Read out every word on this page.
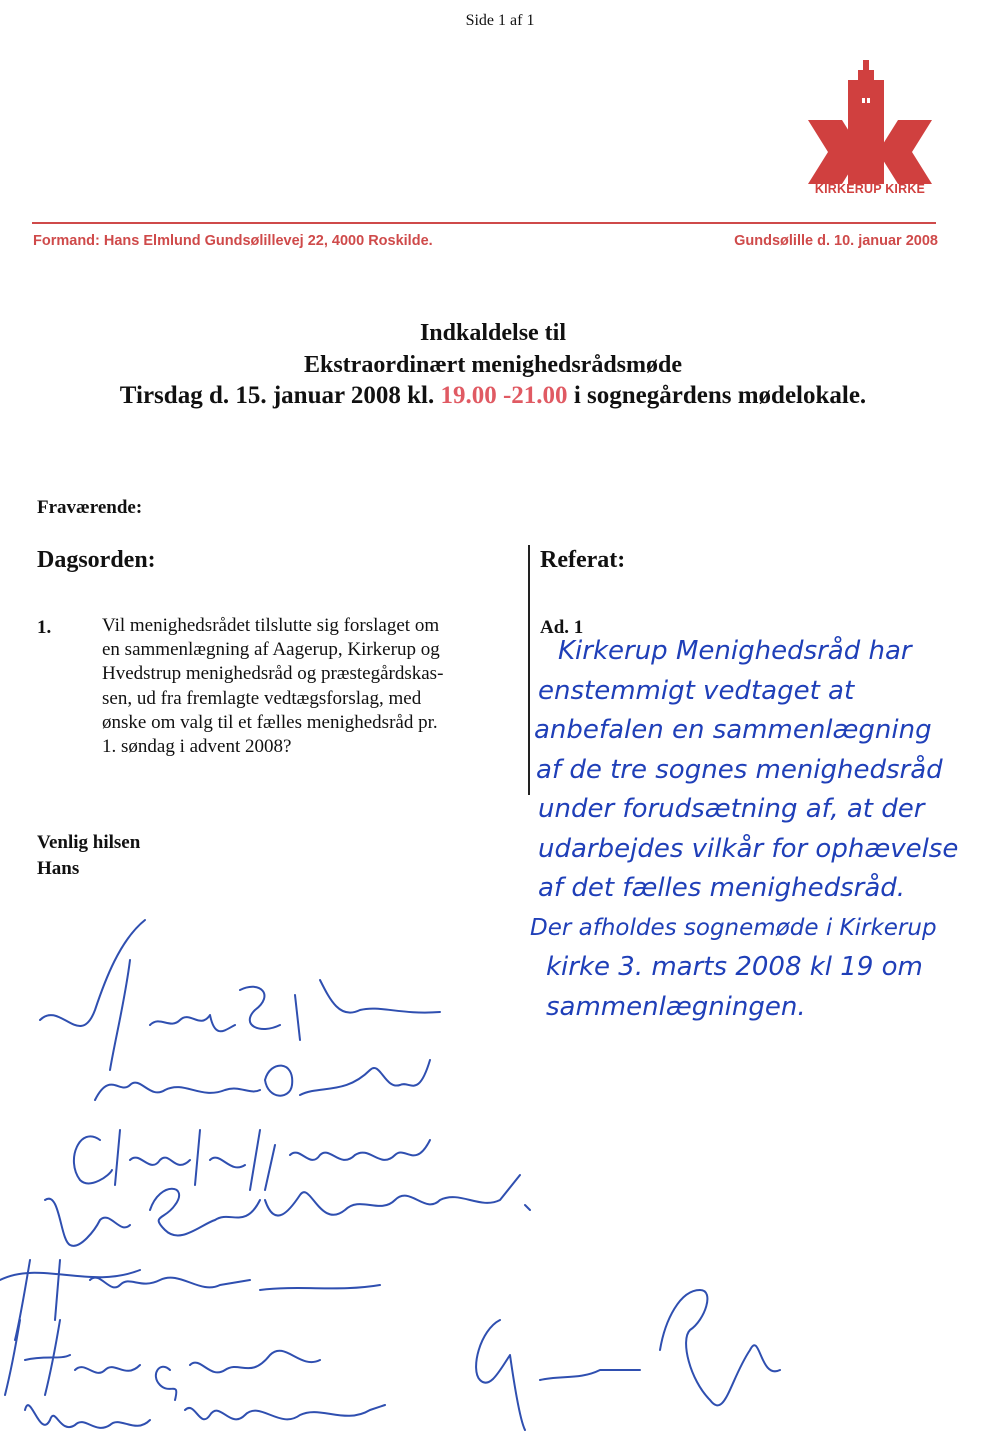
Side 1 af 1
KIRKERUP KIRKE
Formand: Hans Elmlund Gundsølillevej 22, 4000 Roskilde.	Gundsølille d. 10. januar 2008
Indkaldelse til
Ekstraordinært menighedsrådsmøde
Tirsdag d. 15. januar 2008 kl. 19.00 -21.00 i sognegårdens mødelokale.
Fraværende:
Dagsorden:	Referat:
1.	Vil menighedsrådet tilslutte sig forslaget om
en sammenlægning af Aagerup, Kirkerup og
Hvedstrup menighedsråd og præstegårdskas-
sen, ud fra fremlagte vedtægsforslag, med
ønske om valg til et fælles menighedsråd pr.
1. søndag i advent 2008?
Ad. 1
Kirkerup Menighedsråd har
enstemmigt vedtaget at
anbefalen en sammenlægning
af de tre sognes menighedsråd
under forudsætning af, at der
udarbejdes vilkår for ophævelse
af det fælles menighedsråd.
Der afholdes sognemøde i Kirkerup
kirke 3. marts 2008 kl 19 om
sammenlægningen.
Venlig hilsen
Hans
